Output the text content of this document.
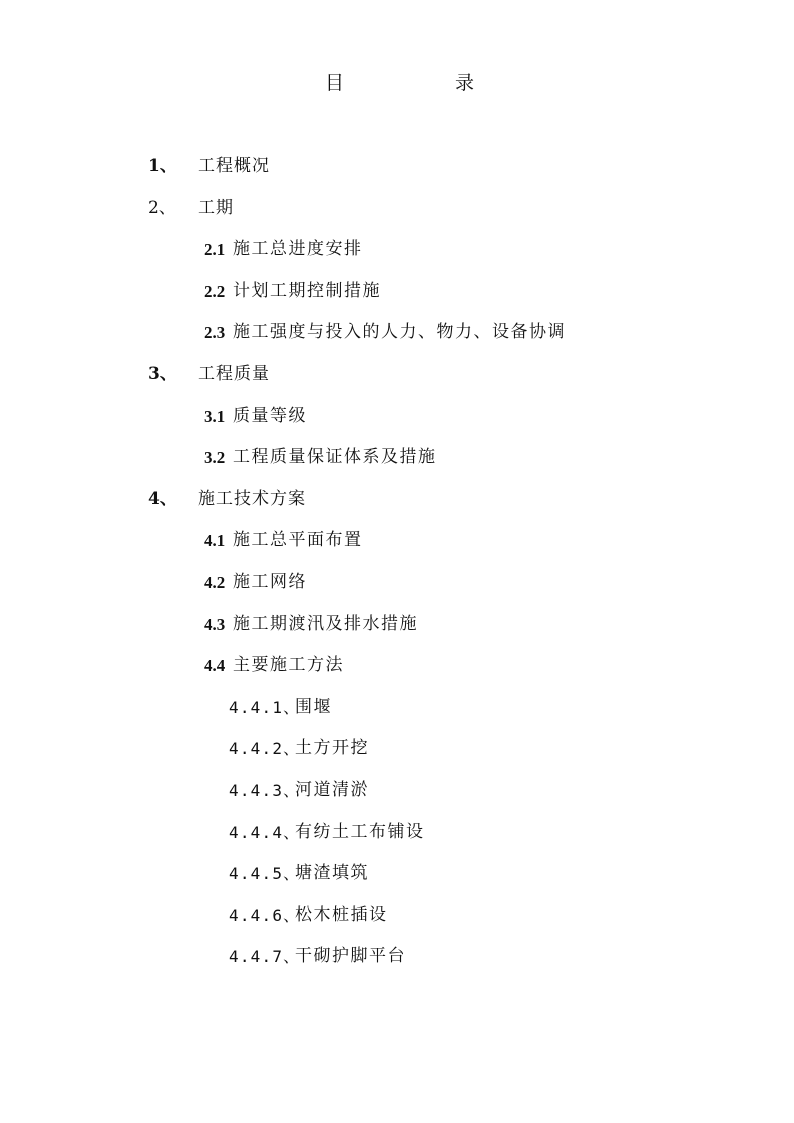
目	录
1、 工程概况
2、 工期
2.1 施工总进度安排
2.2 计划工期控制措施
2.3 施工强度与投入的人力、物力、设备协调
3、 工程质量
3.1 质量等级
3.2 工程质量保证体系及措施
4、 施工技术方案
4.1 施工总平面布置
4.2 施工网络
4.3 施工期渡汛及排水措施
4.4 主要施工方法
4.4.1、
围堰
4.4.2、
土方开挖
4.4.3、
河道清淤
4.4.4、
有纺土工布铺设
4.4.5、
塘渣填筑
4.4.6、
松木桩插设
4.4.7、
干砌护脚平台
